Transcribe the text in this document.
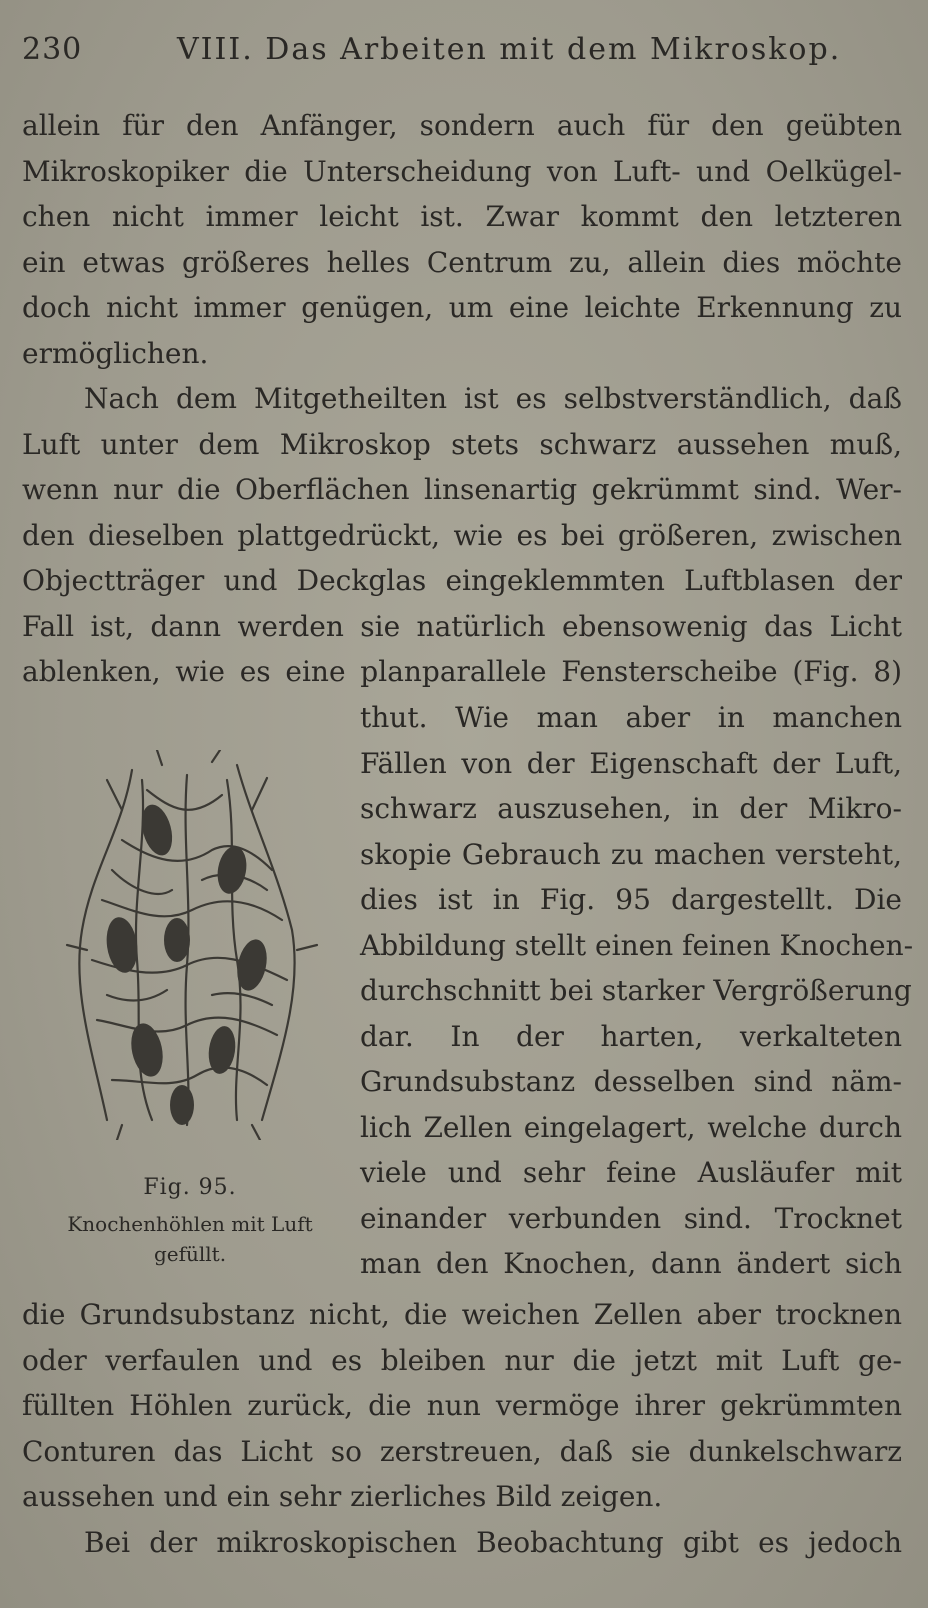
230	VIII. Das Arbeiten mit dem Mikroskop.
allein für den Anfänger, sondern auch für den geübten
Mikroskopiker die Unterscheidung von Luft- und Oelkügel-
chen nicht immer leicht ist. Zwar kommt den letzteren
ein etwas größeres helles Centrum zu, allein dies möchte
doch nicht immer genügen, um eine leichte Erkennung zu
ermöglichen.
Nach dem Mitgetheilten ist es selbstverständlich, daß
Luft unter dem Mikroskop stets schwarz aussehen muß,
wenn nur die Oberflächen linsenartig gekrümmt sind. Wer-
den dieselben plattgedrückt, wie es bei größeren, zwischen
Objectträger und Deckglas eingeklemmten Luftblasen der
Fall ist, dann werden sie natürlich ebensowenig das Licht
ablenken, wie es eine planparallele Fensterscheibe (Fig. 8)
Fig. 95.
Knochenhöhlen mit Luft gefüllt.
thut. Wie man aber in manchen
Fällen von der Eigenschaft der Luft,
schwarz auszusehen, in der Mikro-
skopie Gebrauch zu machen versteht,
dies ist in Fig. 95 dargestellt. Die
Abbildung stellt einen feinen Knochen-
durchschnitt bei starker Vergrößerung
dar. In der harten, verkalteten
Grundsubstanz desselben sind näm-
lich Zellen eingelagert, welche durch
viele und sehr feine Ausläufer mit
einander verbunden sind. Trocknet
man den Knochen, dann ändert sich
die Grundsubstanz nicht, die weichen Zellen aber trocknen
oder verfaulen und es bleiben nur die jetzt mit Luft ge-
füllten Höhlen zurück, die nun vermöge ihrer gekrümmten
Conturen das Licht so zerstreuen, daß sie dunkelschwarz
aussehen und ein sehr zierliches Bild zeigen.
Bei der mikroskopischen Beobachtung gibt es jedoch
